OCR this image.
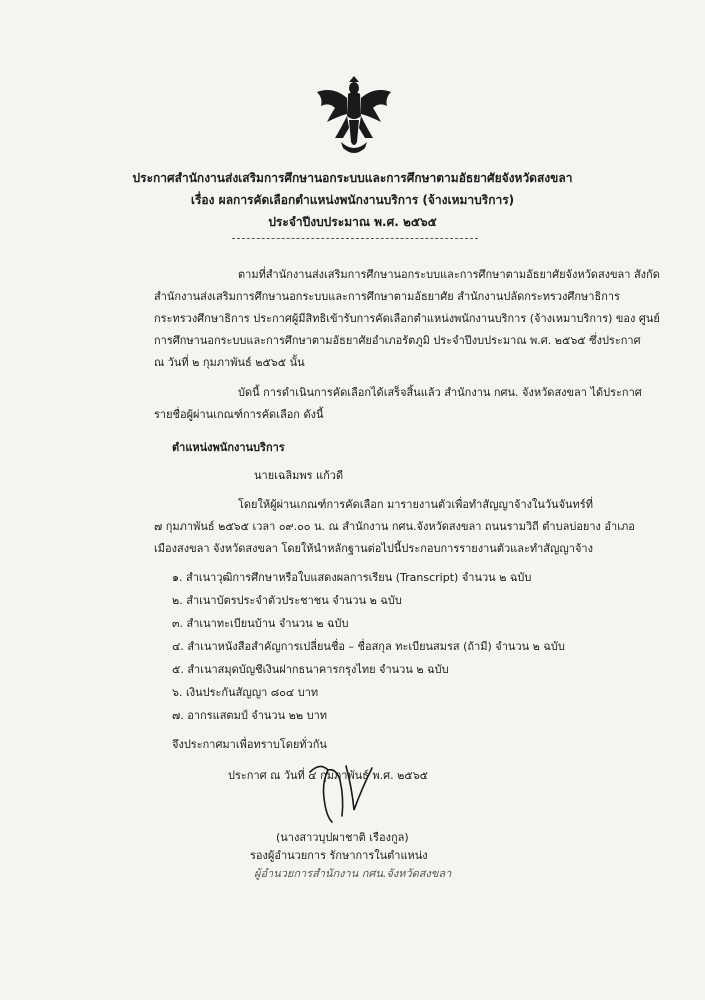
ประกาศสำนักงานส่งเสริมการศึกษานอกระบบและการศึกษาตามอัธยาศัยจังหวัดสงขลา
เรื่อง ผลการคัดเลือกตำแหน่งพนักงานบริการ (จ้างเหมาบริการ)
ประจำปีงบประมาณ พ.ศ. ๒๕๖๕
ตามที่สำนักงานส่งเสริมการศึกษานอกระบบและการศึกษาตามอัธยาศัยจังหวัดสงขลา สังกัด
สำนักงานส่งเสริมการศึกษานอกระบบและการศึกษาตามอัธยาศัย สำนักงานปลัดกระทรวงศึกษาธิการ
กระทรวงศึกษาธิการ ประกาศผู้มีสิทธิเข้ารับการคัดเลือกตำแหน่งพนักงานบริการ (จ้างเหมาบริการ) ของ ศูนย์
การศึกษานอกระบบและการศึกษาตามอัธยาศัยอำเภอรัตภูมิ ประจำปีงบประมาณ พ.ศ. ๒๕๖๕ ซึ่งประกาศ
ณ วันที่ ๒ กุมภาพันธ์ ๒๕๖๕ นั้น
บัดนี้ การดำเนินการคัดเลือกได้เสร็จสิ้นแล้ว สำนักงาน กศน. จังหวัดสงขลา ได้ประกาศ
รายชื่อผู้ผ่านเกณฑ์การคัดเลือก ดังนี้
ตำแหน่งพนักงานบริการ
นายเฉลิมพร แก้วดี
โดยให้ผู้ผ่านเกณฑ์การคัดเลือก มารายงานตัวเพื่อทำสัญญาจ้างในวันจันทร์ที่
๗ กุมภาพันธ์ ๒๕๖๕ เวลา ๐๙.๐๐ น. ณ สำนักงาน กศน.จังหวัดสงขลา ถนนรามวิถี ตำบลบ่อยาง อำเภอ
เมืองสงขลา จังหวัดสงขลา โดยให้นำหลักฐานต่อไปนี้ประกอบการรายงานตัวและทำสัญญาจ้าง
๑. สำเนาวุฒิการศึกษาหรือใบแสดงผลการเรียน (Transcript) จำนวน ๒ ฉบับ
๒. สำเนาบัตรประจำตัวประชาชน จำนวน ๒ ฉบับ
๓. สำเนาทะเบียนบ้าน จำนวน ๒ ฉบับ
๔. สำเนาหนังสือสำคัญการเปลี่ยนชื่อ – ชื่อสกุล ทะเบียนสมรส (ถ้ามี) จำนวน ๒ ฉบับ
๕. สำเนาสมุดบัญชีเงินฝากธนาคารกรุงไทย จำนวน ๒ ฉบับ
๖. เงินประกันสัญญา ๘๐๔ บาท
๗. อากรแสตมป์ จำนวน ๒๒ บาท
จึงประกาศมาเพื่อทราบโดยทั่วกัน
ประกาศ ณ วันที่ ๔ กุมภาพันธ์ พ.ศ. ๒๕๖๕
(นางสาวบุปผาชาติ เรืองกูล)
รองผู้อำนวยการ รักษาการในตำแหน่ง
ผู้อำนวยการสำนักงาน กศน.จังหวัดสงขลา
